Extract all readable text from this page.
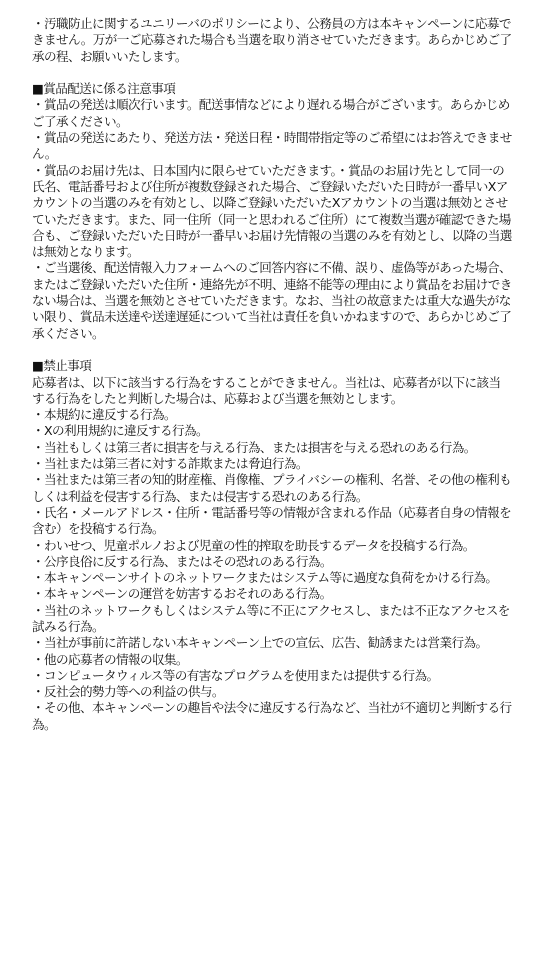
・汚職防止に関するユニリーバのポリシーにより、公務員の方は本キャンペーンに応募できません。万が一ご応募された場合も当選を取り消させていただきます。あらかじめご了承の程、お願いいたします。

■賞品配送に係る注意事項

・賞品の発送は順次行います。配送事情などにより遅れる場合がございます。あらかじめご了承ください。

・賞品の発送にあたり、発送方法・発送日程・時間帯指定等のご希望にはお答えできません。

・賞品のお届け先は、日本国内に限らせていただきます。・賞品のお届け先として同一の氏名、電話番号および住所が複数登録された場合、ご登録いただいた日時が一番早いXアカウントの当選のみを有効とし、以降ご登録いただいたXアカウントの当選は無効とさせていただきます。また、同一住所（同一と思われるご住所）にて複数当選が確認できた場合も、ご登録いただいた日時が一番早いお届け先情報の当選のみを有効とし、以降の当選は無効となります。

・ご当選後、配送情報入力フォームへのご回答内容に不備、誤り、虚偽等があった場合、またはご登録いただいた住所・連絡先が不明、連絡不能等の理由により賞品をお届けできない場合は、当選を無効とさせていただきます。なお、当社の故意または重大な過失がない限り、賞品未送達や送達遅延について当社は責任を負いかねますので、あらかじめご了承ください。

■禁止事項

応募者は、以下に該当する行為をすることができません。当社は、応募者が以下に該当する行為をしたと判断した場合は、応募および当選を無効とします。

・本規約に違反する行為。

・Xの利用規約に違反する行為。

・当社もしくは第三者に損害を与える行為、または損害を与える恐れのある行為。

・当社または第三者に対する詐欺または脅迫行為。

・当社または第三者の知的財産権、肖像権、プライバシーの権利、名誉、その他の権利もしくは利益を侵害する行為、または侵害する恐れのある行為。

・氏名・メールアドレス・住所・電話番号等の情報が含まれる作品（応募者自身の情報を含む）を投稿する行為。

・わいせつ、児童ポルノおよび児童の性的搾取を助長するデータを投稿する行為。

・公序良俗に反する行為、またはその恐れのある行為。

・本キャンペーンサイトのネットワークまたはシステム等に過度な負荷をかける行為。

・本キャンペーンの運営を妨害するおそれのある行為。

・当社のネットワークもしくはシステム等に不正にアクセスし、または不正なアクセスを試みる行為。

・当社が事前に許諾しない本キャンペーン上での宣伝、広告、勧誘または営業行為。

・他の応募者の情報の収集。

・コンピュータウィルス等の有害なプログラムを使用または提供する行為。

・反社会的勢力等への利益の供与。

・その他、本キャンペーンの趣旨や法令に違反する行為など、当社が不適切と判断する行為。
